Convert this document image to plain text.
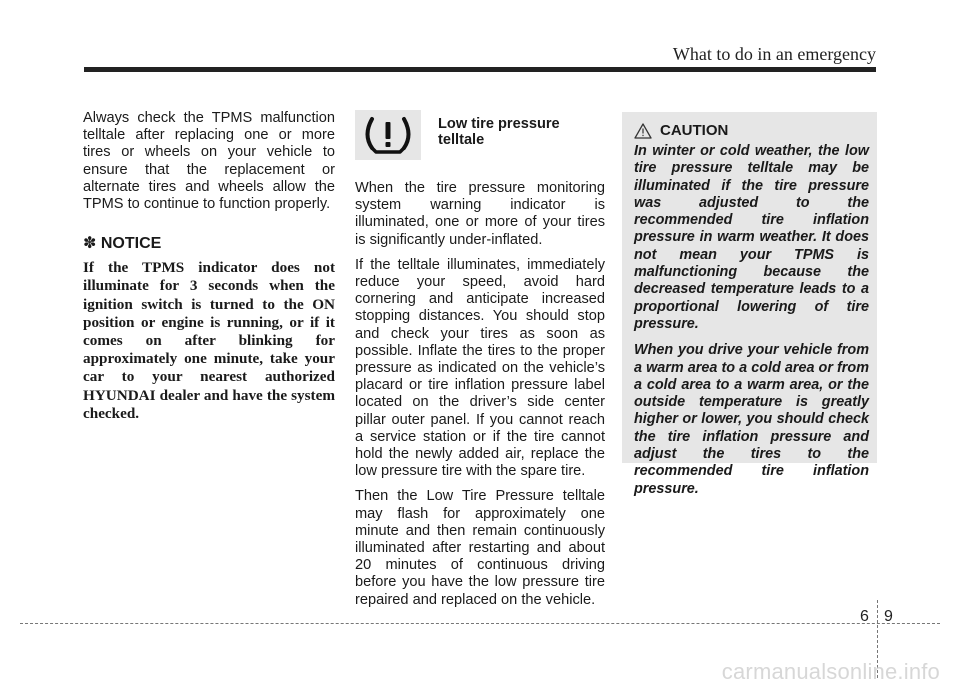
What to do in an emergency

Always check the TPMS malfunction telltale after replacing one or more tires or wheels on your vehicle to ensure that the replacement or alternate tires and wheels allow the TPMS to continue to function properly.

✽ NOTICE

If the TPMS indicator does not illuminate for 3 seconds when the ignition switch is turned to the ON position or engine is running, or if it comes on after blinking for approximately one minute, take your car to your nearest authorized HYUNDAI dealer and have the system checked.

Low tire pressure telltale

When the tire pressure monitoring system warning indicator is illuminated, one or more of your tires is significantly under-inflated.

If the telltale illuminates, immediately reduce your speed, avoid hard cornering and anticipate increased stopping distances. You should stop and check your tires as soon as possible. Inflate the tires to the proper pressure as indicated on the vehicle’s placard or tire inflation pressure label located on the driver’s side center pillar outer panel. If you cannot reach a service station or if the tire cannot hold the newly added air, replace the low pressure tire with the spare tire.

Then the Low Tire Pressure telltale may flash for approximately one minute and then remain continuously illuminated after restarting and about 20 minutes of continuous driving before you have the low pressure tire repaired and replaced on the vehicle.

CAUTION

In winter or cold weather, the low tire pressure telltale may be illuminated if the tire pressure was adjusted to the recommended tire inflation pressure in warm weather. It does not mean your TPMS is malfunctioning because the decreased temperature leads to a proportional lowering of tire pressure.

When you drive your vehicle from a warm area to a cold area or from a cold area to a warm area, or the outside temperature is greatly higher or lower, you should check the tire inflation pressure and adjust the tires to the recommended tire inflation pressure.

6 9
carmanualsonline.info
